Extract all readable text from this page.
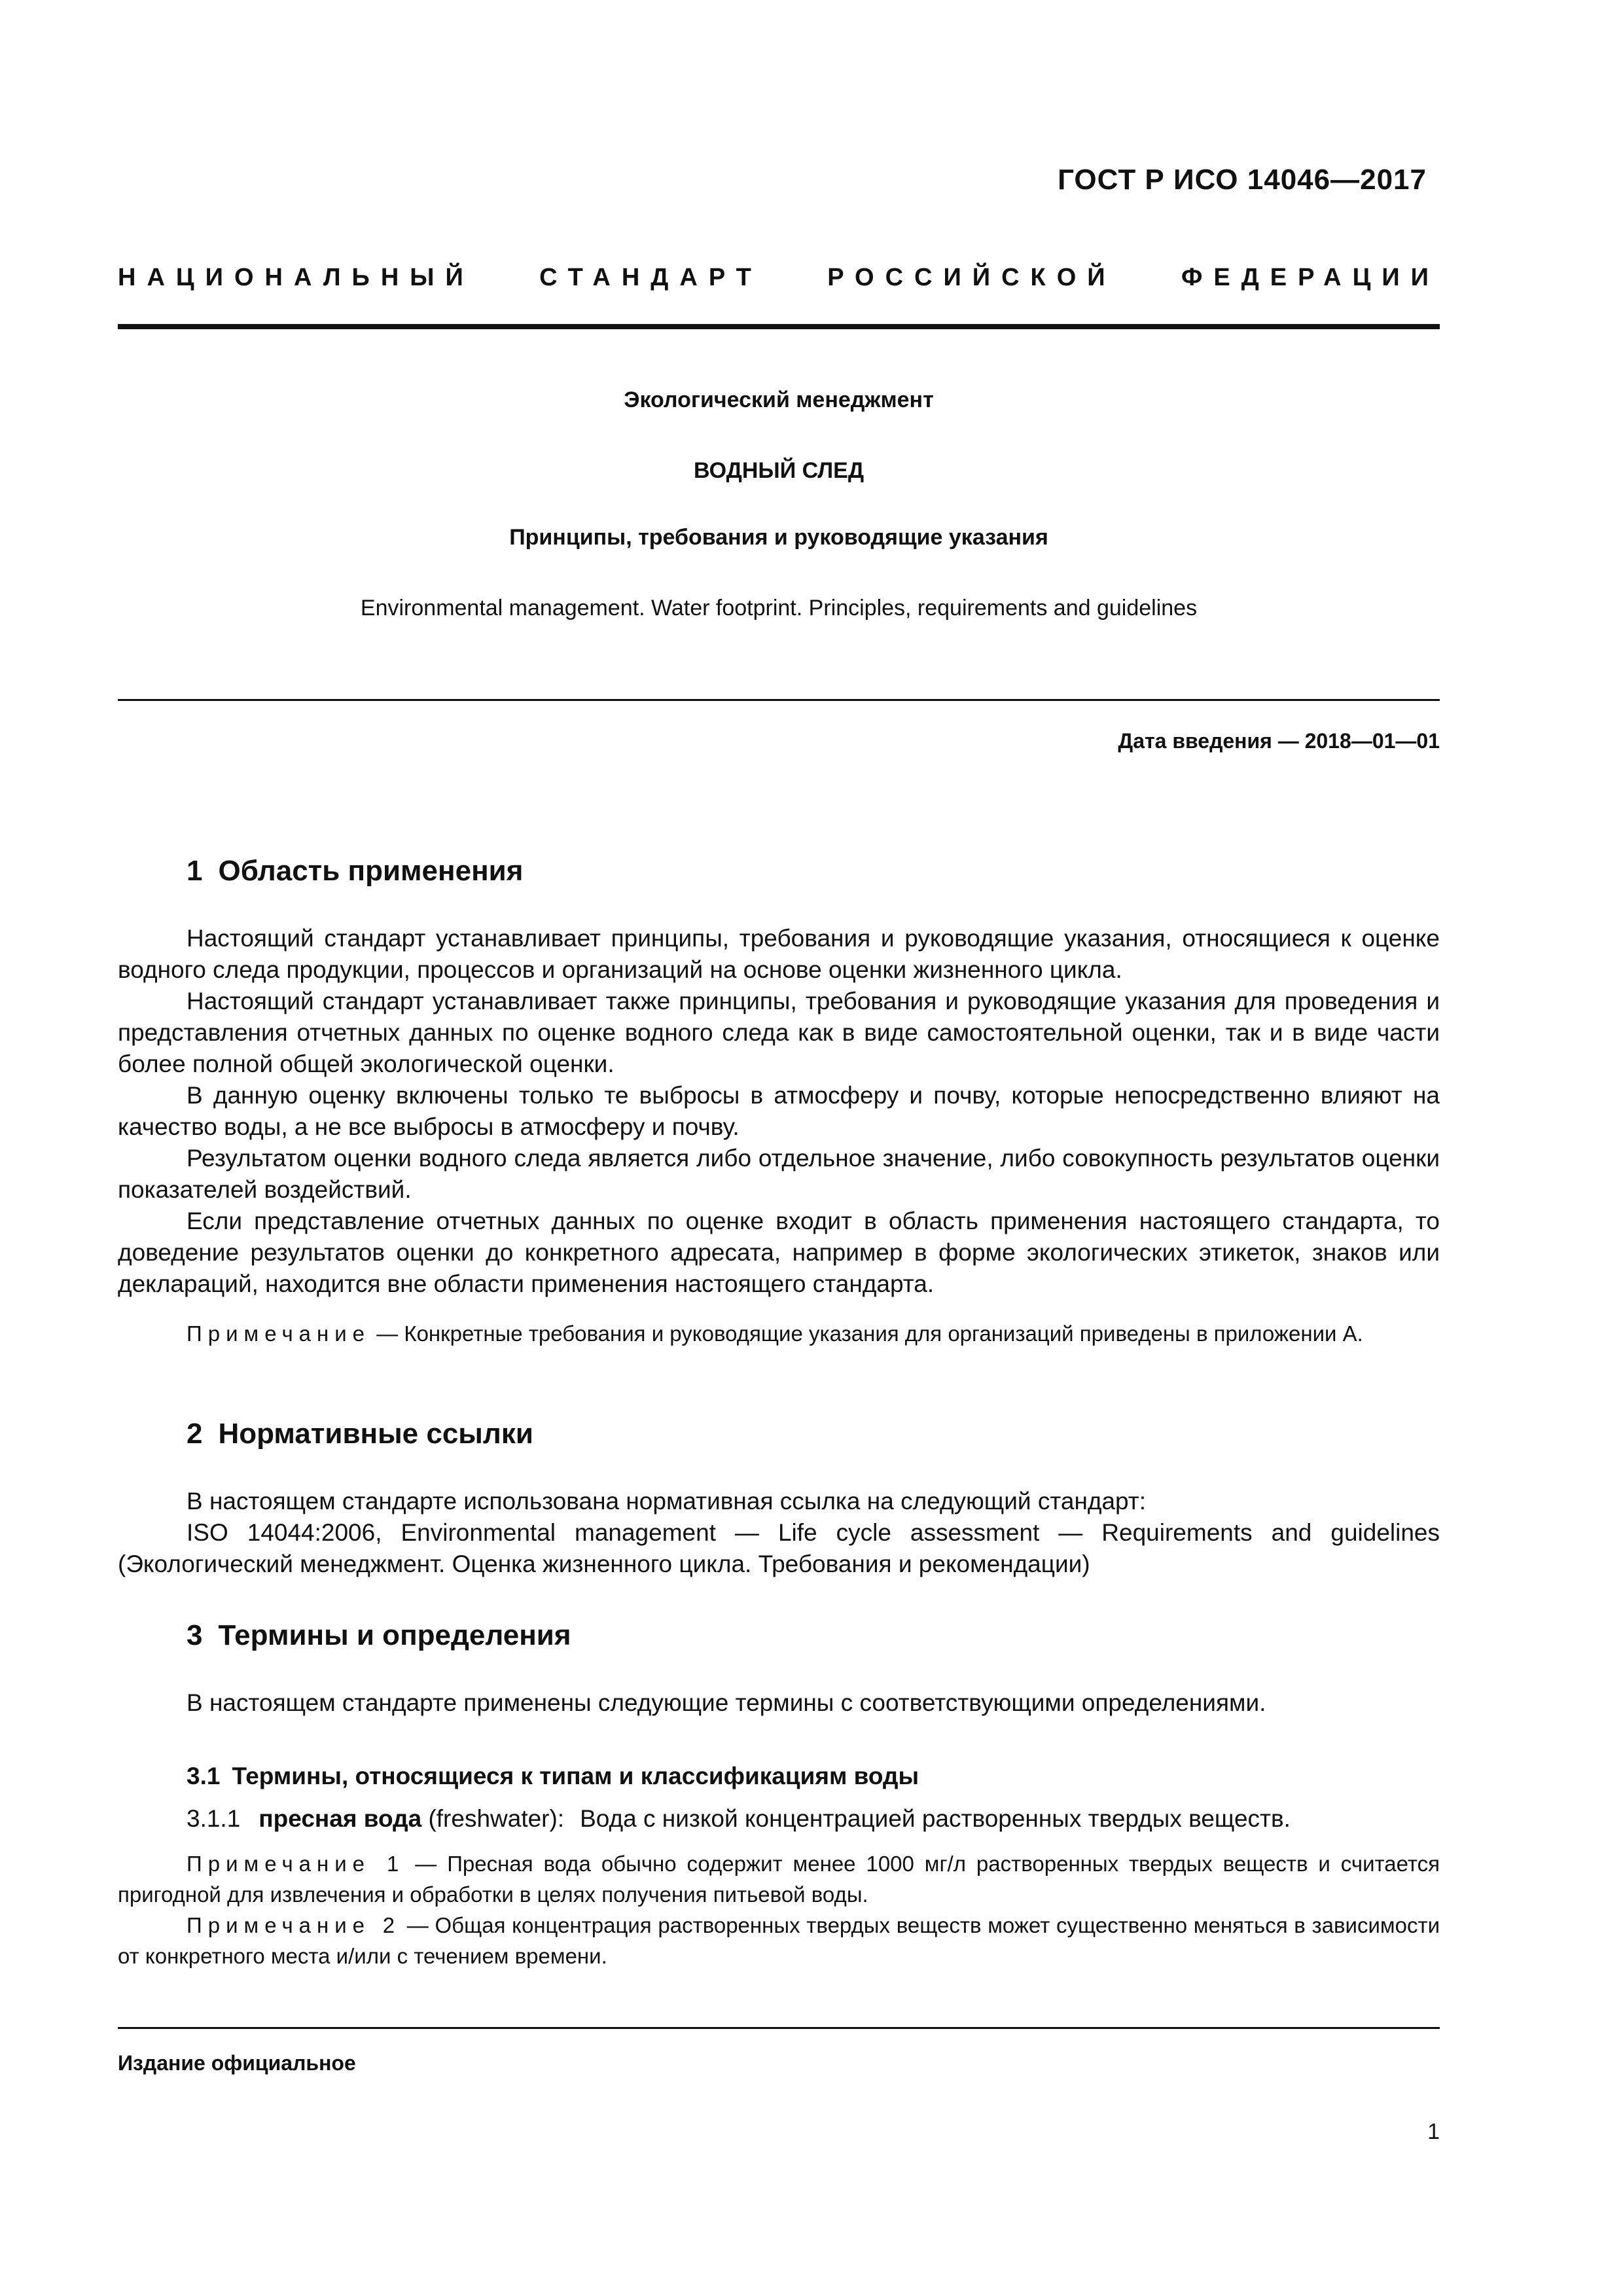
ГОСТ Р ИСО 14046—2017
НАЦИОНАЛЬНЫЙ	СТАНДАРТ	РОССИЙСКОЙ	ФЕДЕРАЦИИ
Экологический менеджмент
ВОДНЫЙ СЛЕД
Принципы, требования и руководящие указания
Environmental management. Water footprint. Principles, requirements and guidelines
Дата введения — 2018—01—01
1 Область применения

Настоящий стандарт устанавливает принципы, требования и руководящие указания, относящиеся к оценке водного следа продукции, процессов и организаций на основе оценки жизненного цикла.

Настоящий стандарт устанавливает также принципы, требования и руководящие указания для проведения и представления отчетных данных по оценке водного следа как в виде самостоятельной оценки, так и в виде части более полной общей экологической оценки.

В данную оценку включены только те выбросы в атмосферу и почву, которые непосредственно влияют на качество воды, а не все выбросы в атмосферу и почву.

Результатом оценки водного следа является либо отдельное значение, либо совокупность результатов оценки показателей воздействий.

Если представление отчетных данных по оценке входит в область применения настоящего стандарта, то доведение результатов оценки до конкретного адресата, например в форме экологических этикеток, знаков или деклараций, находится вне области применения настоящего стандарта.

Примечание — Конкретные требования и руководящие указания для организаций приведены в приложении А.

2 Нормативные ссылки

В настоящем стандарте использована нормативная ссылка на следующий стандарт:

ISO 14044:2006, Environmental management — Life cycle assessment — Requirements and guidelines (Экологический менеджмент. Оценка жизненного цикла. Требования и рекомендации)

3 Термины и определения

В настоящем стандарте применены следующие термины с соответствующими определениями.

3.1 Термины, относящиеся к типам и классификациям воды
3.1.1 пресная вода (freshwater): Вода с низкой концентрацией растворенных твердых веществ.

Примечание 1 — Пресная вода обычно содержит менее 1000 мг/л растворенных твердых веществ и считается пригодной для извлечения и обработки в целях получения питьевой воды.

Примечание 2 — Общая концентрация растворенных твердых веществ может существенно меняться в зависимости от конкретного места и/или с течением времени.

Издание официальное
1
